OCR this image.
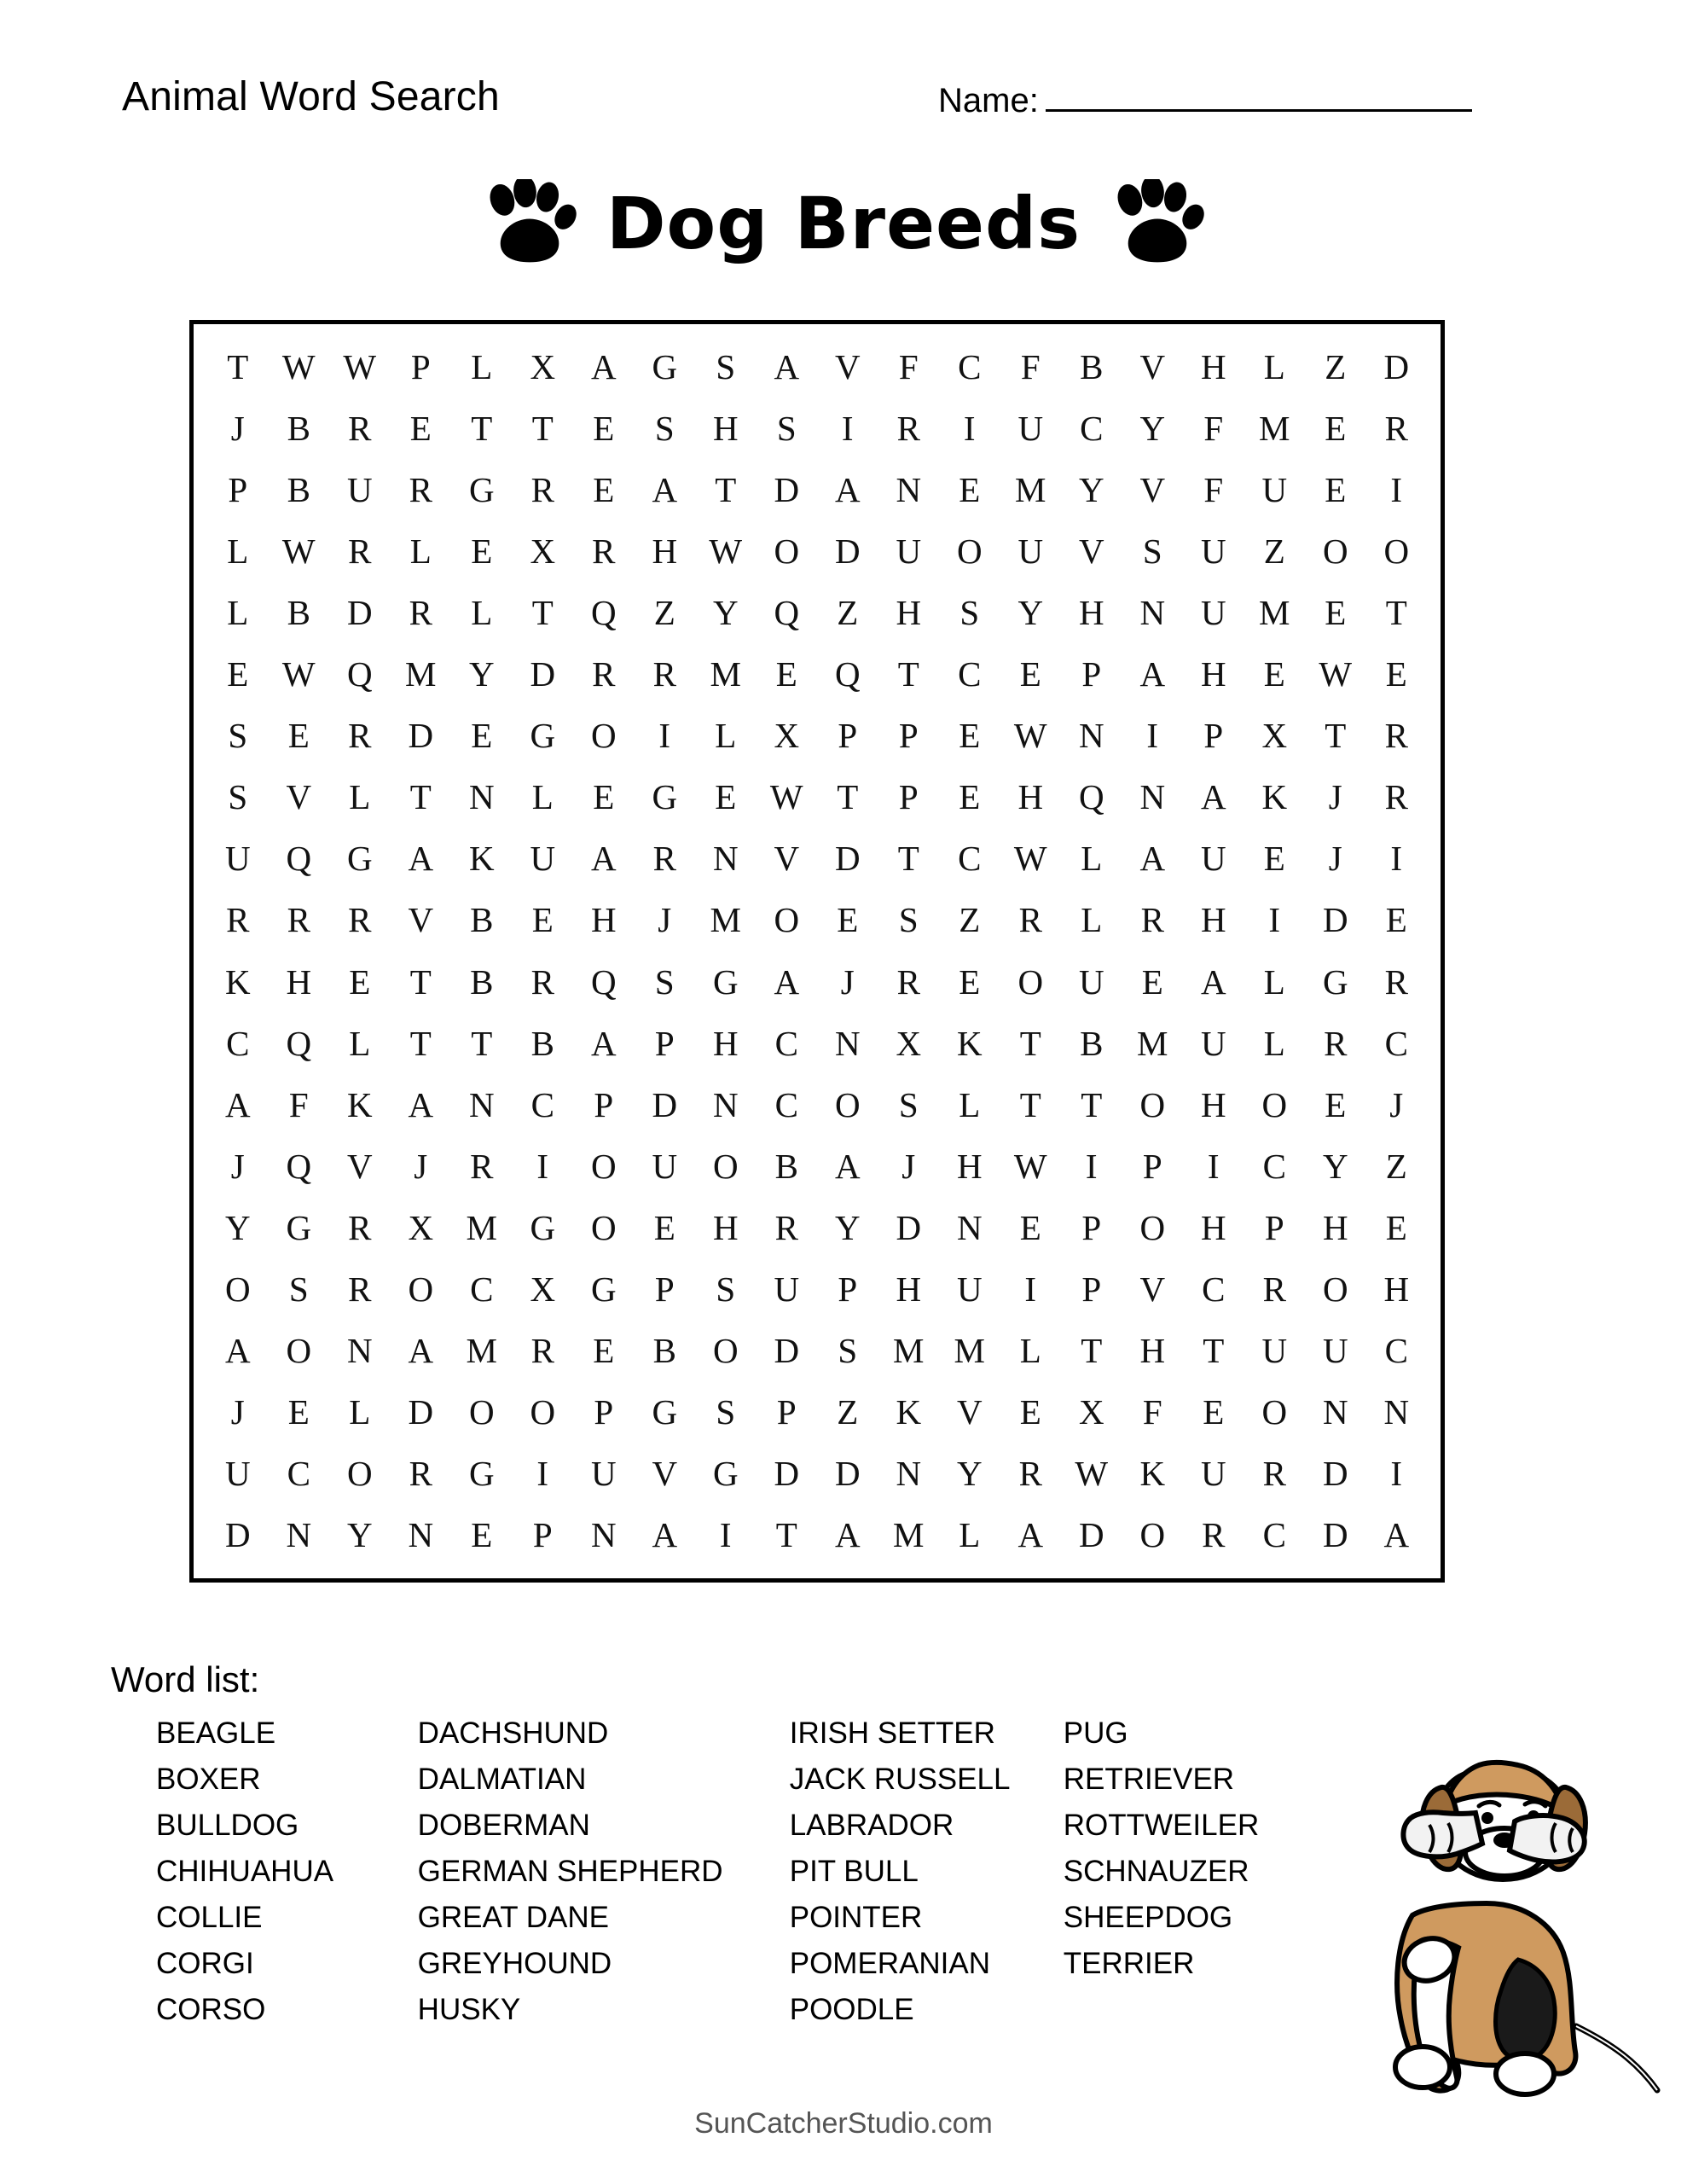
Animal Word Search	Name:
Dog Breeds
T W W P	L	X	A	G	S	A	V	F	C	F	B	V	H	L	Z	D
J	B	R	E	T	T	E	S	H	S	I	R	I	U	C	Y	F	M E	R
P	B	U	R	G	R	E	A	T	D	A	N	E M Y	V	F	U	E	I
L W R	L	E	X	R	H W O	D	U	O	U	V	S	U	Z	O	O
L	B	D	R	L	T	Q	Z	Y	Q	Z	H	S	Y	H	N	U M E	T
E W Q M Y	D	R	R M E	Q	T	C	E	P	A	H	E W E
S	E	R	D	E	G	O	I	L	X	P	P	E W N	I	P	X	T	R
S	V	L	T	N	L	E	G	E W T	P	E	H	Q	N	A	K	J	R
U	Q	G	A	K	U	A	R	N	V	D	T	C W L	A	U	E	J	I
R	R	R	V	B	E	H	J	M O	E	S	Z	R	L	R	H	I	D	E
K	H	E	T	B	R	Q	S	G	A	J	R	E	O	U	E	A	L	G	R
C	Q	L	T	T	B	A	P	H	C	N	X	K	T	B M U	L	R	C
A	F	K	A	N	C	P	D	N	C	O	S	L	T	T	O	H	O	E	J
J	Q	V	J	R	I	O	U	O	B	A	J	H W	I	P	I	C	Y	Z
Y	G	R	X M G	O	E	H	R	Y	D	N	E	P	O	H	P	H	E
O	S	R	O	C	X	G	P	S	U	P	H	U	I	P	V	C	R	O	H
A	O	N	A M R	E	B	O	D	S	M M L	T	H	T	U	U	C
J	E	L	D	O	O	P	G	S	P	Z	K	V	E	X	F	E	O	N	N
U	C	O	R	G	I	U	V	G	D	D	N	Y	R W K	U	R	D	I
D	N	Y	N	E	P	N	A	I	T	A M L	A	D	O	R	C	D	A
Word list:
BEAGLE
BOXER
BULLDOG
CHIHUAHUA
COLLIE
CORGI
CORSO
DACHSHUND
DALMATIAN
DOBERMAN
GERMAN SHEPHERD
GREAT DANE
GREYHOUND
HUSKY
IRISH SETTER
JACK RUSSELL
LABRADOR
PIT BULL
POINTER
POMERANIAN
POODLE
PUG
RETRIEVER
ROTTWEILER
SCHNAUZER
SHEEPDOG
TERRIER
SunCatcherStudio.com
